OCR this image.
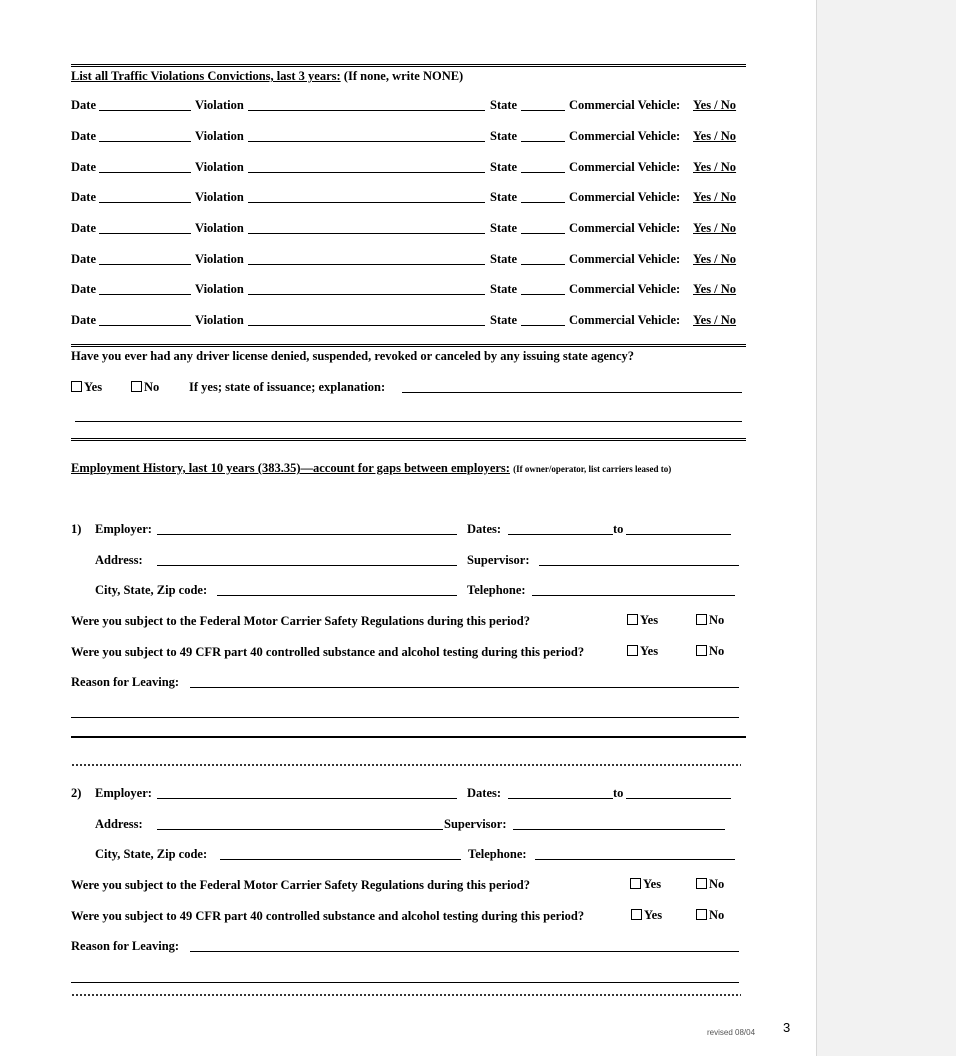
List all Traffic Violations Convictions, last 3 years: (If none, write NONE)
Date	Violation	State	Commercial Vehicle: Yes / No
Date	Violation	State	Commercial Vehicle: Yes / No
Date	Violation	State	Commercial Vehicle: Yes / No
Date	Violation	State	Commercial Vehicle: Yes / No
Date	Violation	State	Commercial Vehicle: Yes / No
Date	Violation	State	Commercial Vehicle: Yes / No
Date	Violation	State	Commercial Vehicle: Yes / No
Date	Violation	State	Commercial Vehicle: Yes / No
Have you ever had any driver license denied, suspended, revoked or canceled by any issuing state agency?
Yes	No If yes; state of issuance; explanation:
Employment History, last 10 years (383.35)—account for gaps between employers: (If owner/operator, list carriers leased to)
1) Employer:	Dates:	to
Address:	Supervisor:
City, State, Zip code:	Telephone:
Were you subject to the Federal Motor Carrier Safety Regulations during this period?	Yes	No
Were you subject to 49 CFR part 40 controlled substance and alcohol testing during this period?	Yes	No
Reason for Leaving:
2) Employer:	Dates:	to
Address:	Supervisor:
City, State, Zip code:	Telephone:
Were you subject to the Federal Motor Carrier Safety Regulations during this period?	Yes	No
Were you subject to 49 CFR part 40 controlled substance and alcohol testing during this period?	Yes	No
Reason for Leaving:
revised 08/04 3
